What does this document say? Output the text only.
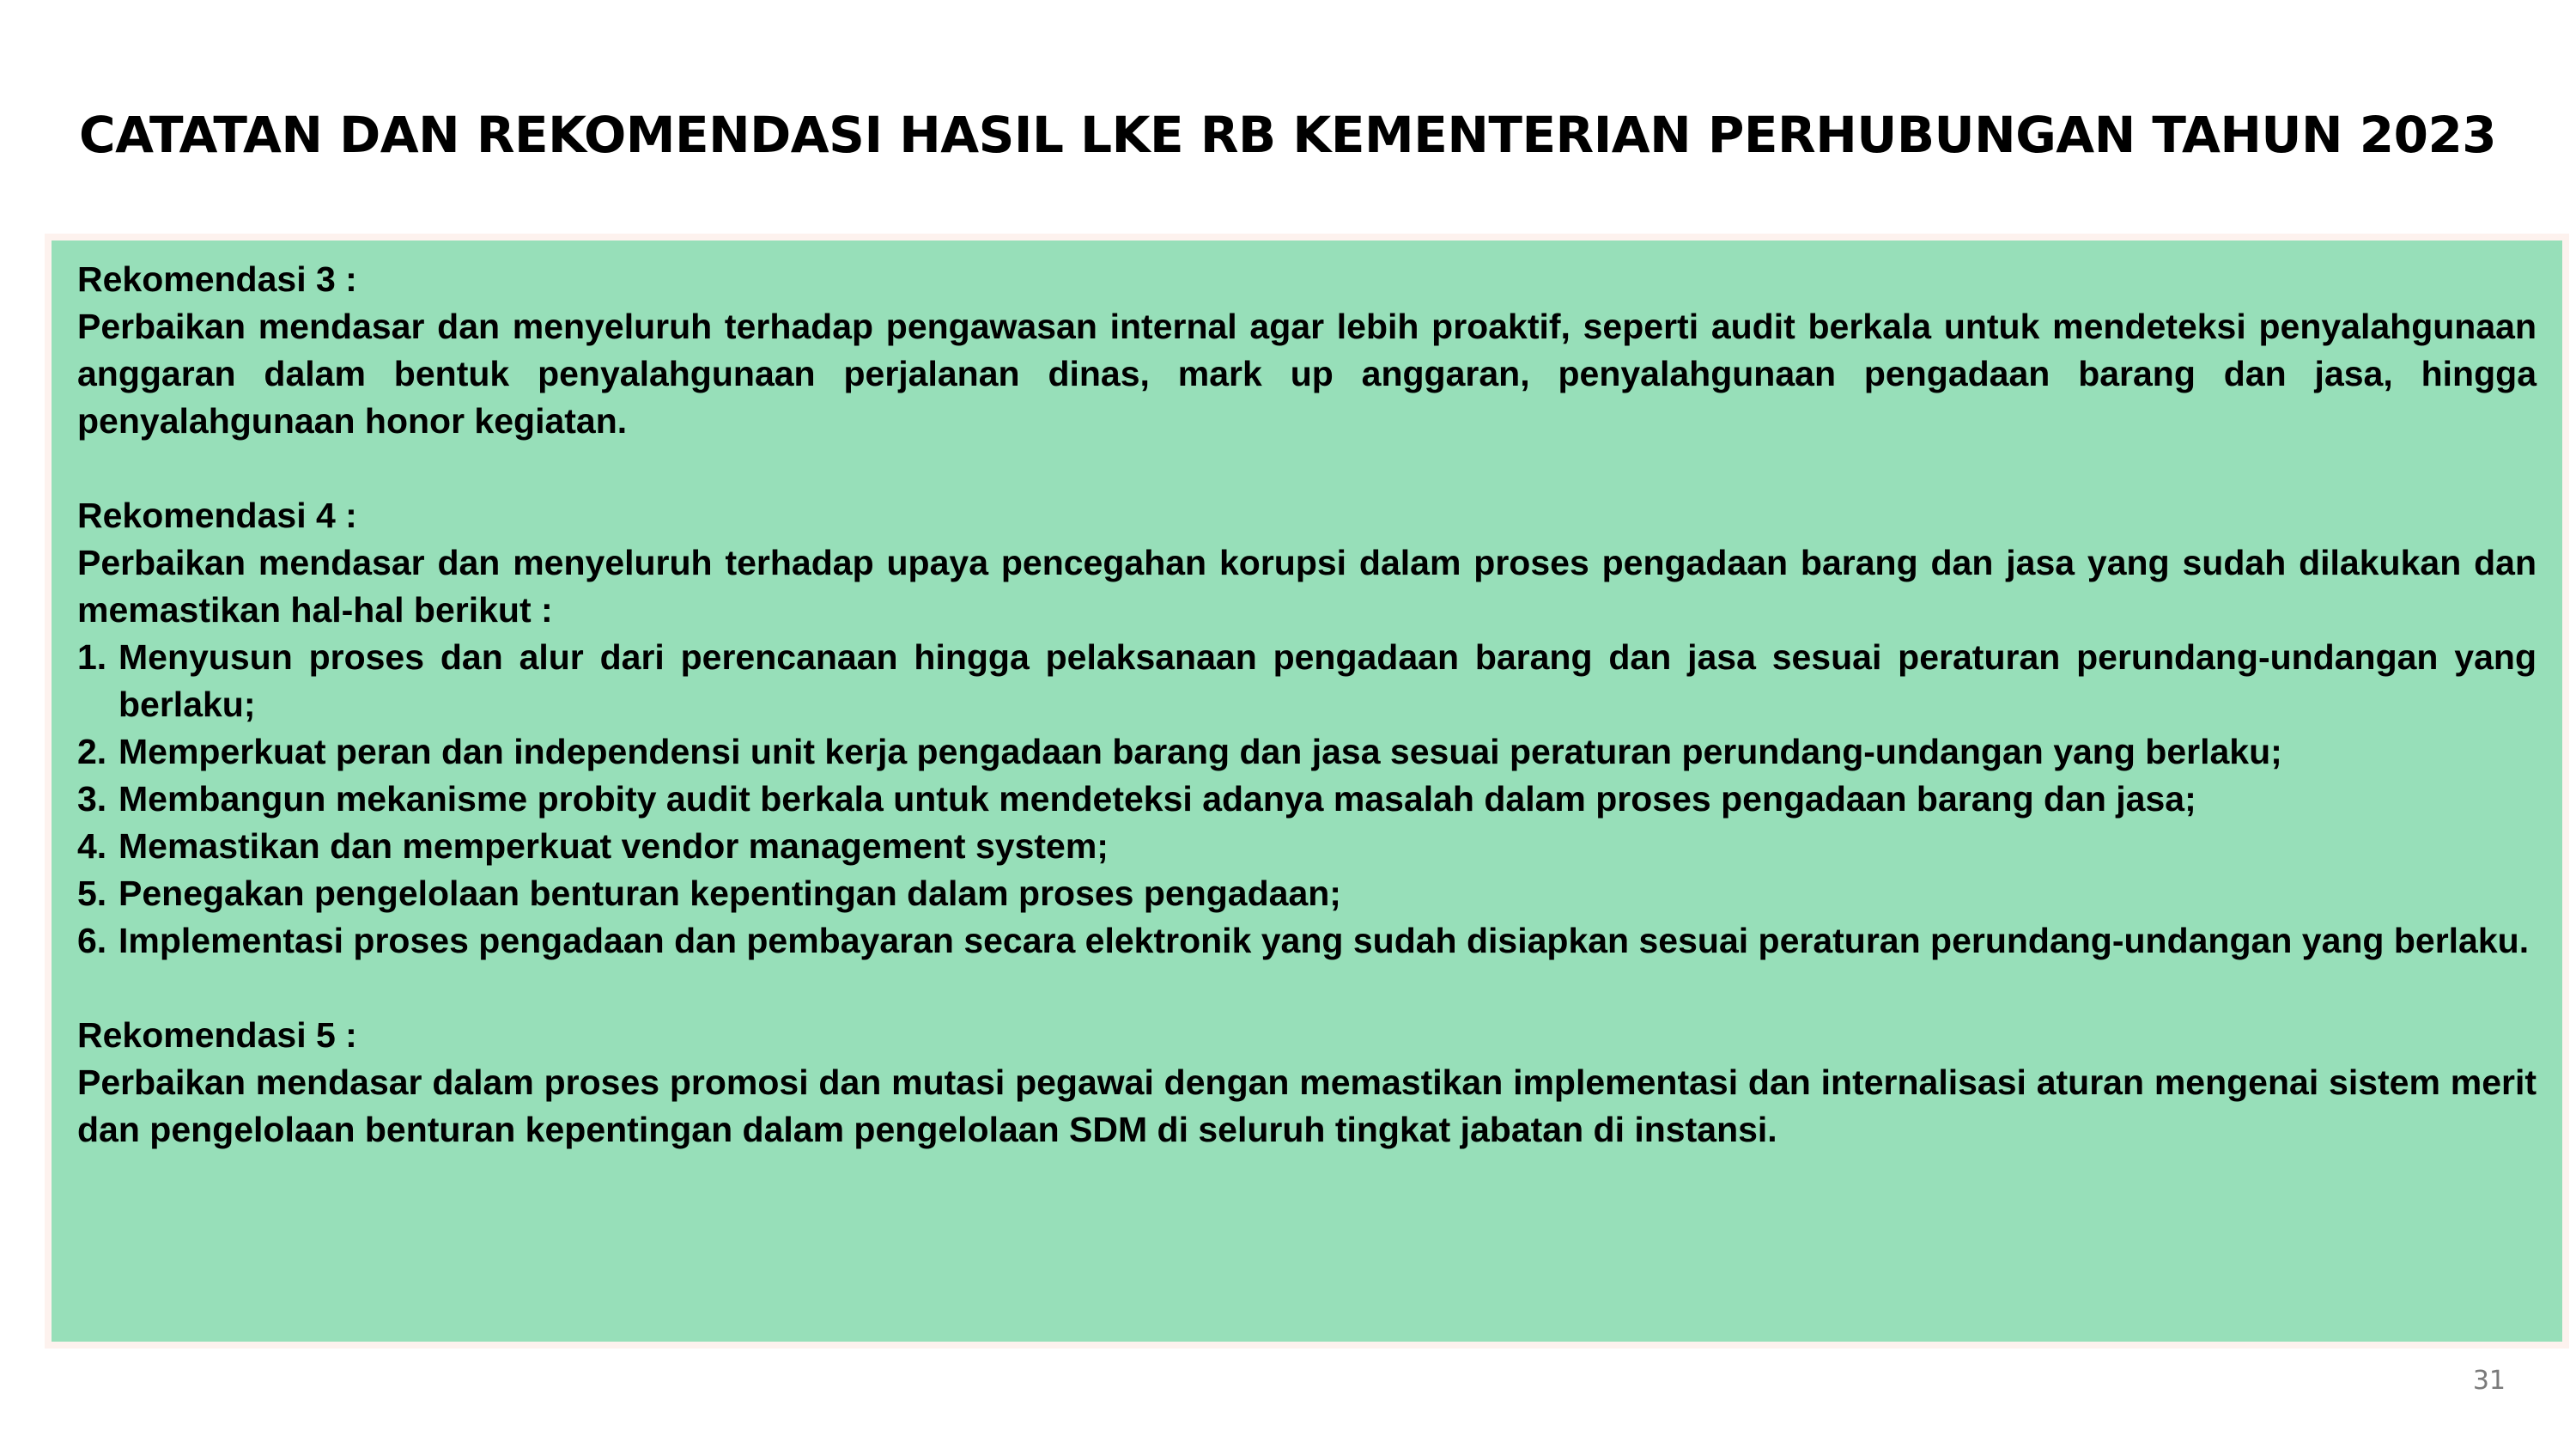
CATATAN DAN REKOMENDASI HASIL LKE RB KEMENTERIAN PERHUBUNGAN TAHUN 2023
Rekomendasi 3 :
Perbaikan mendasar dan menyeluruh terhadap pengawasan internal agar lebih proaktif, seperti audit berkala untuk mendeteksi penyalahgunaan anggaran dalam bentuk penyalahgunaan perjalanan dinas, mark up anggaran, penyalahgunaan pengadaan barang dan jasa, hingga penyalahgunaan honor kegiatan.
Rekomendasi 4 :
Perbaikan mendasar dan menyeluruh terhadap upaya pencegahan korupsi dalam proses pengadaan barang dan jasa yang sudah dilakukan dan memastikan hal-hal berikut :
1. Menyusun proses dan alur dari perencanaan hingga pelaksanaan pengadaan barang dan jasa sesuai peraturan perundang-undangan yang berlaku;
2. Memperkuat peran dan independensi unit kerja pengadaan barang dan jasa sesuai peraturan perundang-undangan yang berlaku;
3. Membangun mekanisme probity audit berkala untuk mendeteksi adanya masalah dalam proses pengadaan barang dan jasa;
4. Memastikan dan memperkuat vendor management system;
5. Penegakan pengelolaan benturan kepentingan dalam proses pengadaan;
6. Implementasi proses pengadaan dan pembayaran secara elektronik yang sudah disiapkan sesuai peraturan perundang-undangan yang berlaku.
Rekomendasi 5 :
Perbaikan mendasar dalam proses promosi dan mutasi pegawai dengan memastikan implementasi dan internalisasi aturan mengenai sistem merit dan pengelolaan benturan kepentingan dalam pengelolaan SDM di seluruh tingkat jabatan di instansi.
31
